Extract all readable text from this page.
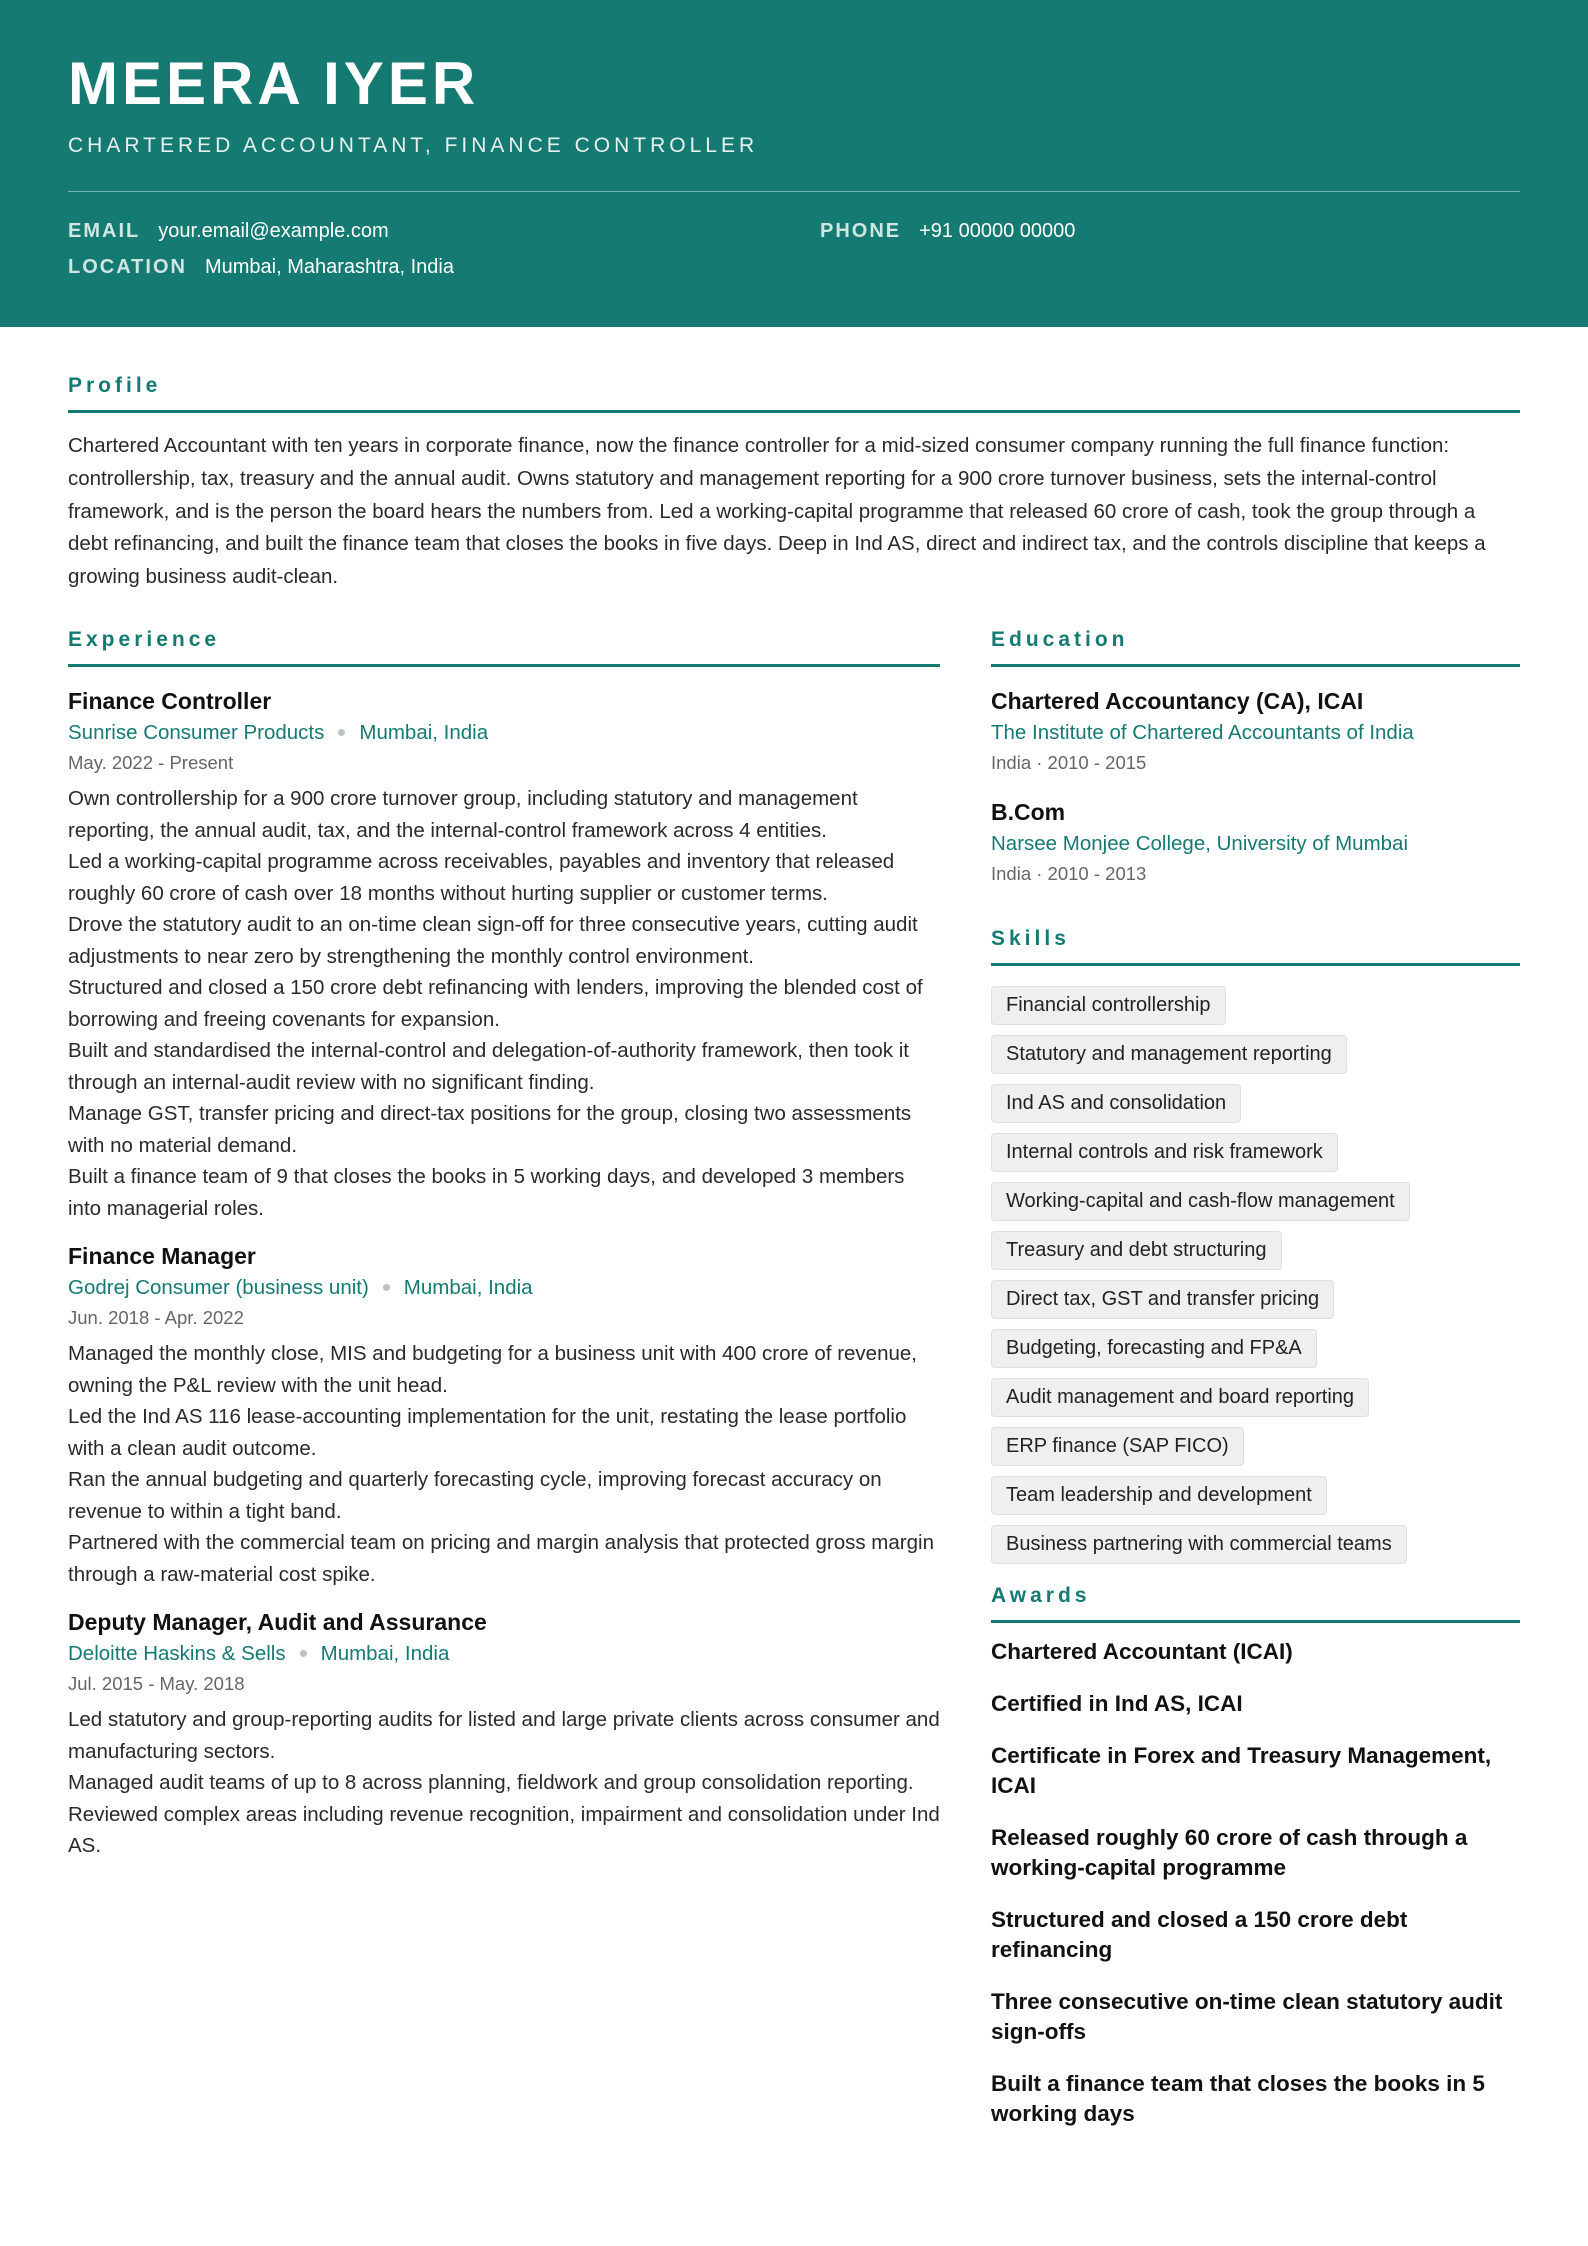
MEERA IYER
CHARTERED ACCOUNTANT, FINANCE CONTROLLER
EMAIL your.email@example.com	PHONE +91 00000 00000
LOCATION Mumbai, Maharashtra, India
Profile
Chartered Accountant with ten years in corporate finance, now the finance controller for a mid-sized consumer company running the full finance function: controllership, tax, treasury and the annual audit. Owns statutory and management reporting for a 900 crore turnover business, sets the internal-control framework, and is the person the board hears the numbers from. Led a working-capital programme that released 60 crore of cash, took the group through a debt refinancing, and built the finance team that closes the books in five days. Deep in Ind AS, direct and indirect tax, and the controls discipline that keeps a growing business audit-clean.
Experience
Finance Controller
Sunrise Consumer Products Mumbai, India
May. 2022 - Present
Own controllership for a 900 crore turnover group, including statutory and management reporting, the annual audit, tax, and the internal-control framework across 4 entities.
Led a working-capital programme across receivables, payables and inventory that released roughly 60 crore of cash over 18 months without hurting supplier or customer terms.
Drove the statutory audit to an on-time clean sign-off for three consecutive years, cutting audit adjustments to near zero by strengthening the monthly control environment.
Structured and closed a 150 crore debt refinancing with lenders, improving the blended cost of borrowing and freeing covenants for expansion.
Built and standardised the internal-control and delegation-of-authority framework, then took it through an internal-audit review with no significant finding.
Manage GST, transfer pricing and direct-tax positions for the group, closing two assessments with no material demand.
Built a finance team of 9 that closes the books in 5 working days, and developed 3 members into managerial roles.
Finance Manager
Godrej Consumer (business unit) Mumbai, India
Jun. 2018 - Apr. 2022
Managed the monthly close, MIS and budgeting for a business unit with 400 crore of revenue, owning the P&L review with the unit head.
Led the Ind AS 116 lease-accounting implementation for the unit, restating the lease portfolio with a clean audit outcome.
Ran the annual budgeting and quarterly forecasting cycle, improving forecast accuracy on revenue to within a tight band.
Partnered with the commercial team on pricing and margin analysis that protected gross margin through a raw-material cost spike.
Deputy Manager, Audit and Assurance
Deloitte Haskins & Sells Mumbai, India
Jul. 2015 - May. 2018
Led statutory and group-reporting audits for listed and large private clients across consumer and manufacturing sectors.
Managed audit teams of up to 8 across planning, fieldwork and group consolidation reporting.
Reviewed complex areas including revenue recognition, impairment and consolidation under Ind AS.
Education
Chartered Accountancy (CA), ICAI
The Institute of Chartered Accountants of India
India · 2010 - 2015
B.Com
Narsee Monjee College, University of Mumbai
India · 2010 - 2013
Skills
Financial controllership
Statutory and management reporting
Ind AS and consolidation
Internal controls and risk framework
Working-capital and cash-flow management
Treasury and debt structuring
Direct tax, GST and transfer pricing
Budgeting, forecasting and FP&A
Audit management and board reporting
ERP finance (SAP FICO)
Team leadership and development
Business partnering with commercial teams
Awards
Chartered Accountant (ICAI)
Certified in Ind AS, ICAI
Certificate in Forex and Treasury Management, ICAI
Released roughly 60 crore of cash through a working-capital programme
Structured and closed a 150 crore debt refinancing
Three consecutive on-time clean statutory audit sign-offs
Built a finance team that closes the books in 5 working days
